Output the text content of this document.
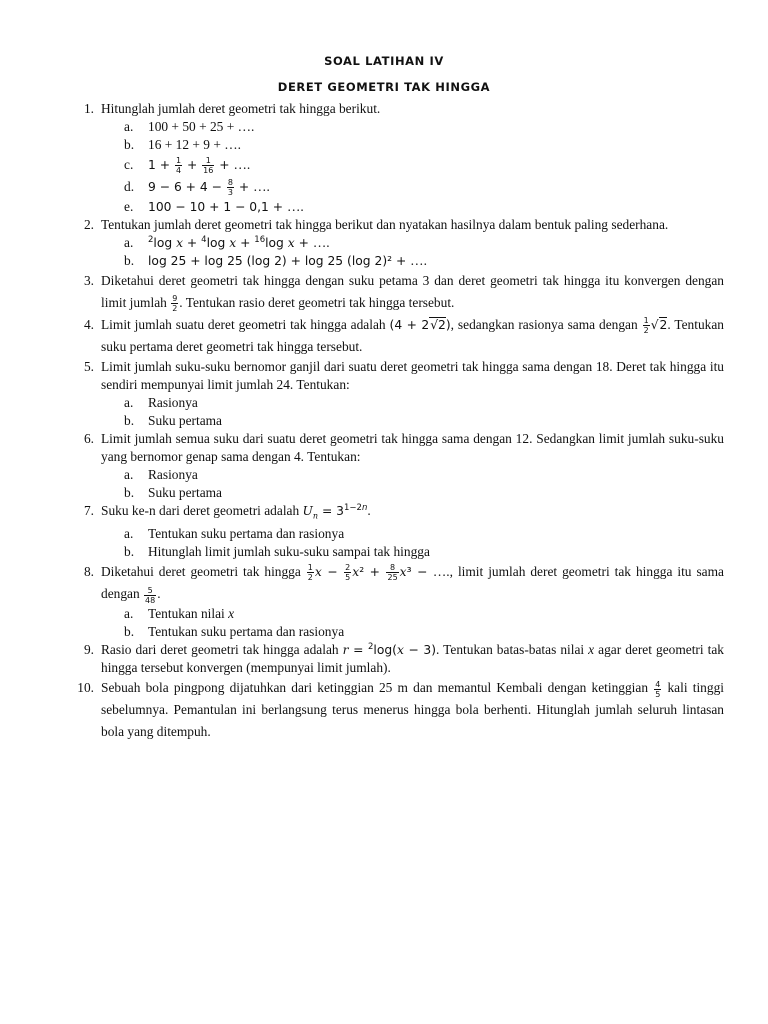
SOAL LATIHAN IV
DERET GEOMETRI TAK HINGGA
1. Hitunglah jumlah deret geometri tak hingga berikut.
a. 100 + 50 + 25 + ….
b. 16 + 12 + 9 + ….
c. $1 + \frac{1}{4} + \frac{1}{16}$ + ….
d. $9 - 6 + 4 - \frac{8}{3}$ + ….
e. 100 − 10 + 1 − 0,1 + ….
2. Tentukan jumlah deret geometri tak hingga berikut dan nyatakan hasilnya dalam bentuk paling sederhana.
a. $^2$log x + $^4$log x + $^{16}$log x + ….
b. log 25 + log 25 (log 2) + log 25 (log 2)² + ….
3. Diketahui deret geometri tak hingga dengan suku petama 3 dan deret geometri tak hingga itu konvergen dengan limit jumlah $\frac{9}{2}$ . Tentukan rasio deret geometri tak hingga tersebut.
4. Limit jumlah suatu deret geometri tak hingga adalah (4 + 2√2), sedangkan rasionya sama dengan $\frac{1}{2} √2$. Tentukan suku pertama deret geometri tak hingga tersebut.
5. Limit jumlah suku-suku bernomor ganjil dari suatu deret geometri tak hingga sama dengan 18. Deret tak hingga itu sendiri mempunyai limit jumlah 24. Tentukan:
a. Rasionya
b. Suku pertama
6. Limit jumlah semua suku dari suatu deret geometri tak hingga sama dengan 12. Sedangkan limit jumlah suku-suku yang bernomor genap sama dengan 4. Tentukan:
a. Rasionya
b. Suku pertama
7. Suku ke-n dari deret geometri adalah $U_n = 3^{1-2n}$.
a. Tentukan suku pertama dan rasionya
b. Hitunglah limit jumlah suku-suku sampai tak hingga
8. Diketahui deret geometri tak hingga $\frac{1}{2}$ $x - \frac{2}{5} x^2 + \frac{8}{25} x^3$ − …., limit jumlah deret geometri tak hingga itu sama dengan $\frac{5}{48}$ .
a. Tentukan nilai x
b. Tentukan suku pertama dan rasionya
9. Rasio dari deret geometri tak hingga adalah r = $^2$log(x − 3). Tentukan batas-batas nilai x agar deret geometri tak hingga tersebut konvergen (mempunyai limit jumlah).
10. Sebuah bola pingpong dijatuhkan dari ketinggian 25 m dan memantul Kembali dengan ketinggian $\frac{4}{5}$ kali tinggi sebelumnya. Pemantulan ini berlangsung terus menerus hingga bola berhenti. Hitunglah jumlah seluruh lintasan bola yang ditempuh.
